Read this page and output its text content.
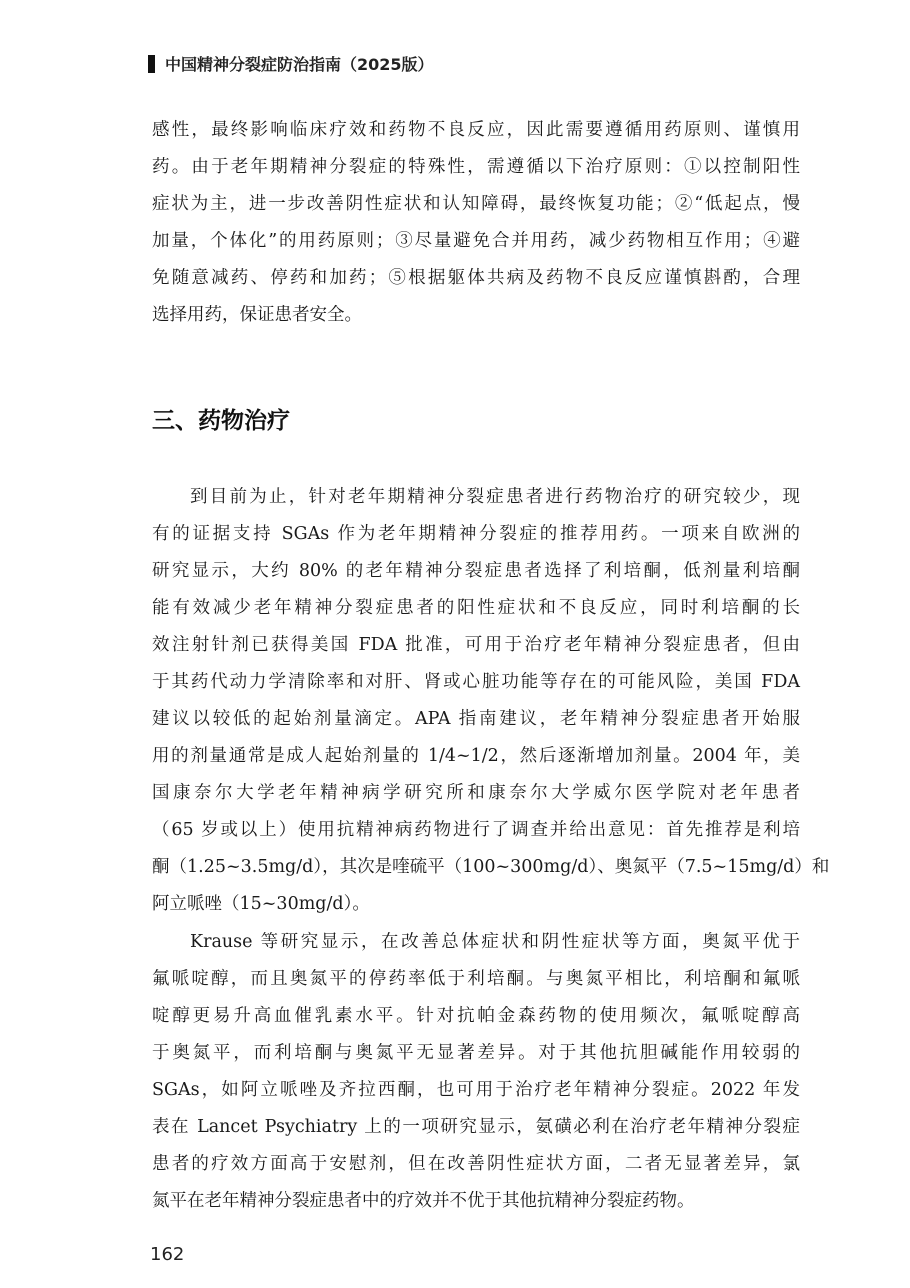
中国精神分裂症防治指南（2025版）
感性，最终影响临床疗效和药物不良反应，因此需要遵循用药原则、谨慎用
药。由于老年期精神分裂症的特殊性，需遵循以下治疗原则：①以控制阳性
症状为主，进一步改善阴性症状和认知障碍，最终恢复功能；②“低起点，慢
加量，个体化”的用药原则；③尽量避免合并用药，减少药物相互作用；④避
免随意减药、停药和加药；⑤根据躯体共病及药物不良反应谨慎斟酌，合理
选择用药，保证患者安全。
三、药物治疗
到目前为止，针对老年期精神分裂症患者进行药物治疗的研究较少，现
有的证据支持 SGAs 作为老年期精神分裂症的推荐用药。一项来自欧洲的
研究显示，大约 80% 的老年精神分裂症患者选择了利培酮，低剂量利培酮
能有效减少老年精神分裂症患者的阳性症状和不良反应，同时利培酮的长
效注射针剂已获得美国 FDA 批准，可用于治疗老年精神分裂症患者，但由
于其药代动力学清除率和对肝、肾或心脏功能等存在的可能风险，美国 FDA
建议以较低的起始剂量滴定。APA 指南建议，老年精神分裂症患者开始服
用的剂量通常是成人起始剂量的 1/4~1/2，然后逐渐增加剂量。2004 年，美
国康奈尔大学老年精神病学研究所和康奈尔大学威尔医学院对老年患者
（65 岁或以上）使用抗精神病药物进行了调查并给出意见：首先推荐是利培
酮（1.25~3.5mg/d），其次是喹硫平（100~300mg/d）、奥氮平（7.5~15mg/d）和
阿立哌唑（15~30mg/d）。
Krause 等研究显示，在改善总体症状和阴性症状等方面，奥氮平优于
氟哌啶醇，而且奥氮平的停药率低于利培酮。与奥氮平相比，利培酮和氟哌
啶醇更易升高血催乳素水平。针对抗帕金森药物的使用频次，氟哌啶醇高
于奥氮平，而利培酮与奥氮平无显著差异。对于其他抗胆碱能作用较弱的
SGAs，如阿立哌唑及齐拉西酮，也可用于治疗老年精神分裂症。2022 年发
表在 Lancet Psychiatry 上的一项研究显示，氨磺必利在治疗老年精神分裂症
患者的疗效方面高于安慰剂，但在改善阴性症状方面，二者无显著差异，氯
氮平在老年精神分裂症患者中的疗效并不优于其他抗精神分裂症药物。
162
